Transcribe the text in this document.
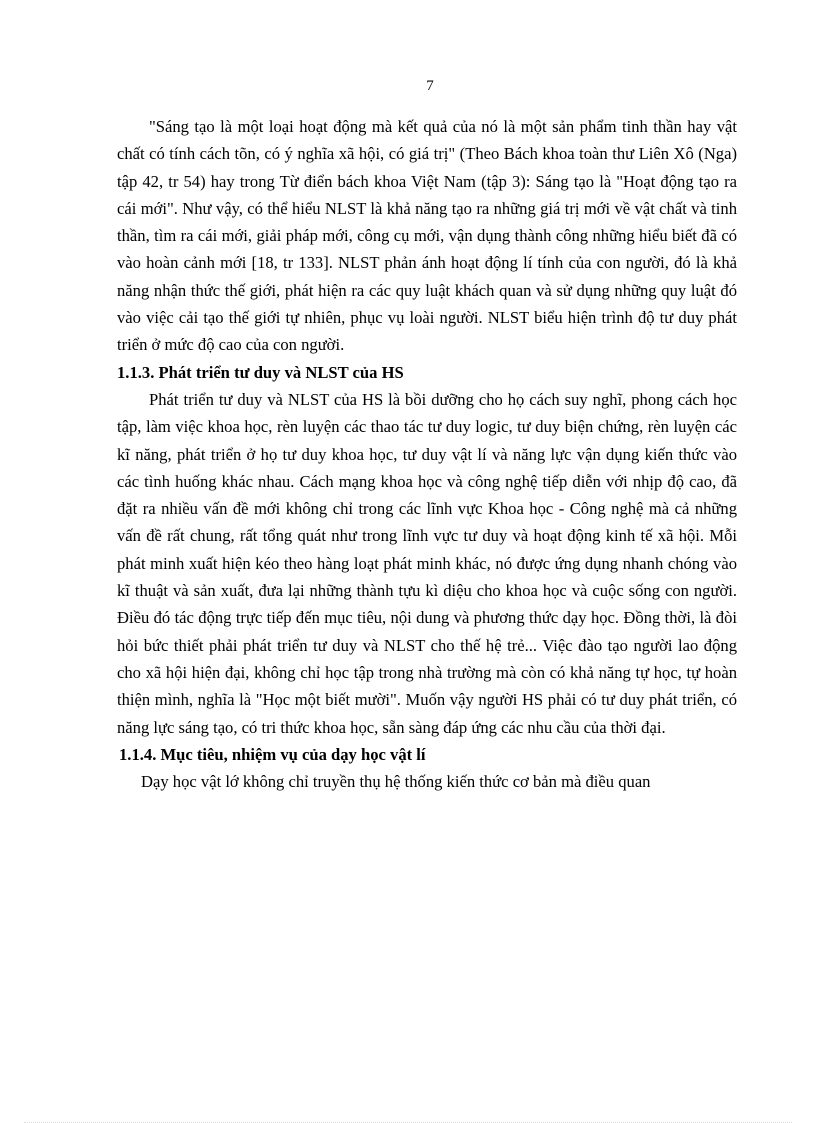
7

"Sáng tạo là một loại hoạt động mà kết quả của nó là một sản phẩm tinh thần hay vật chất có tính cách tõn, có ý nghĩa xã hội, có giá trị" (Theo Bách khoa toàn thư Liên Xô (Nga) tập 42, tr 54) hay trong Từ điển bách khoa Việt Nam (tập 3): Sáng tạo là "Hoạt động tạo ra cái mới". Như vậy, có thể hiểu NLST là khả năng tạo ra những giá trị mới về vật chất và tinh thần, tìm ra cái mới, giải pháp mới, công cụ mới, vận dụng thành công những hiểu biết đã có vào hoàn cảnh mới [18, tr 133]. NLST phản ánh hoạt động lí tính của con người, đó là khả năng nhận thức thế giới, phát hiện ra các quy luật khách quan và sử dụng những quy luật đó vào việc cải tạo thế giới tự nhiên, phục vụ loài người. NLST biểu hiện trình độ tư duy phát triển ở mức độ cao của con người.

1.1.3. Phát triển tư duy và NLST của HS

Phát triển tư duy và NLST của HS là bồi dưỡng cho họ cách suy nghĩ, phong cách học tập, làm việc khoa học, rèn luyện các thao tác tư duy logic, tư duy biện chứng, rèn luyện các kĩ năng, phát triển ở họ tư duy khoa học, tư duy vật lí và năng lực vận dụng kiến thức vào các tình huống khác nhau. Cách mạng khoa học và công nghệ tiếp diễn với nhịp độ cao, đã đặt ra nhiều vấn đề mới không chỉ trong các lĩnh vực Khoa học - Công nghệ mà cả những vấn đề rất chung, rất tổng quát như trong lĩnh vực tư duy và hoạt động kinh tế xã hội. Mỗi phát minh xuất hiện kéo theo hàng loạt phát minh khác, nó được ứng dụng nhanh chóng vào kĩ thuật và sản xuất, đưa lại những thành tựu kì diệu cho khoa học và cuộc sống con người. Điều đó tác động trực tiếp đến mục tiêu, nội dung và phương thức dạy học. Đồng thời, là đòi hỏi bức thiết phải phát triển tư duy và NLST cho thế hệ trẻ... Việc đào tạo người lao động cho xã hội hiện đại, không chỉ học tập trong nhà trường mà còn có khả năng tự học, tự hoàn thiện mình, nghĩa là "Học một biết mười". Muốn vậy người HS phải có tư duy phát triển, có năng lực sáng tạo, có tri thức khoa học, sẵn sàng đáp ứng các nhu cầu của thời đại.

1.1.4. Mục tiêu, nhiệm vụ của dạy học vật lí

Dạy học vật lớ không chỉ truyền thụ hệ thống kiến thức cơ bản mà điều quan
